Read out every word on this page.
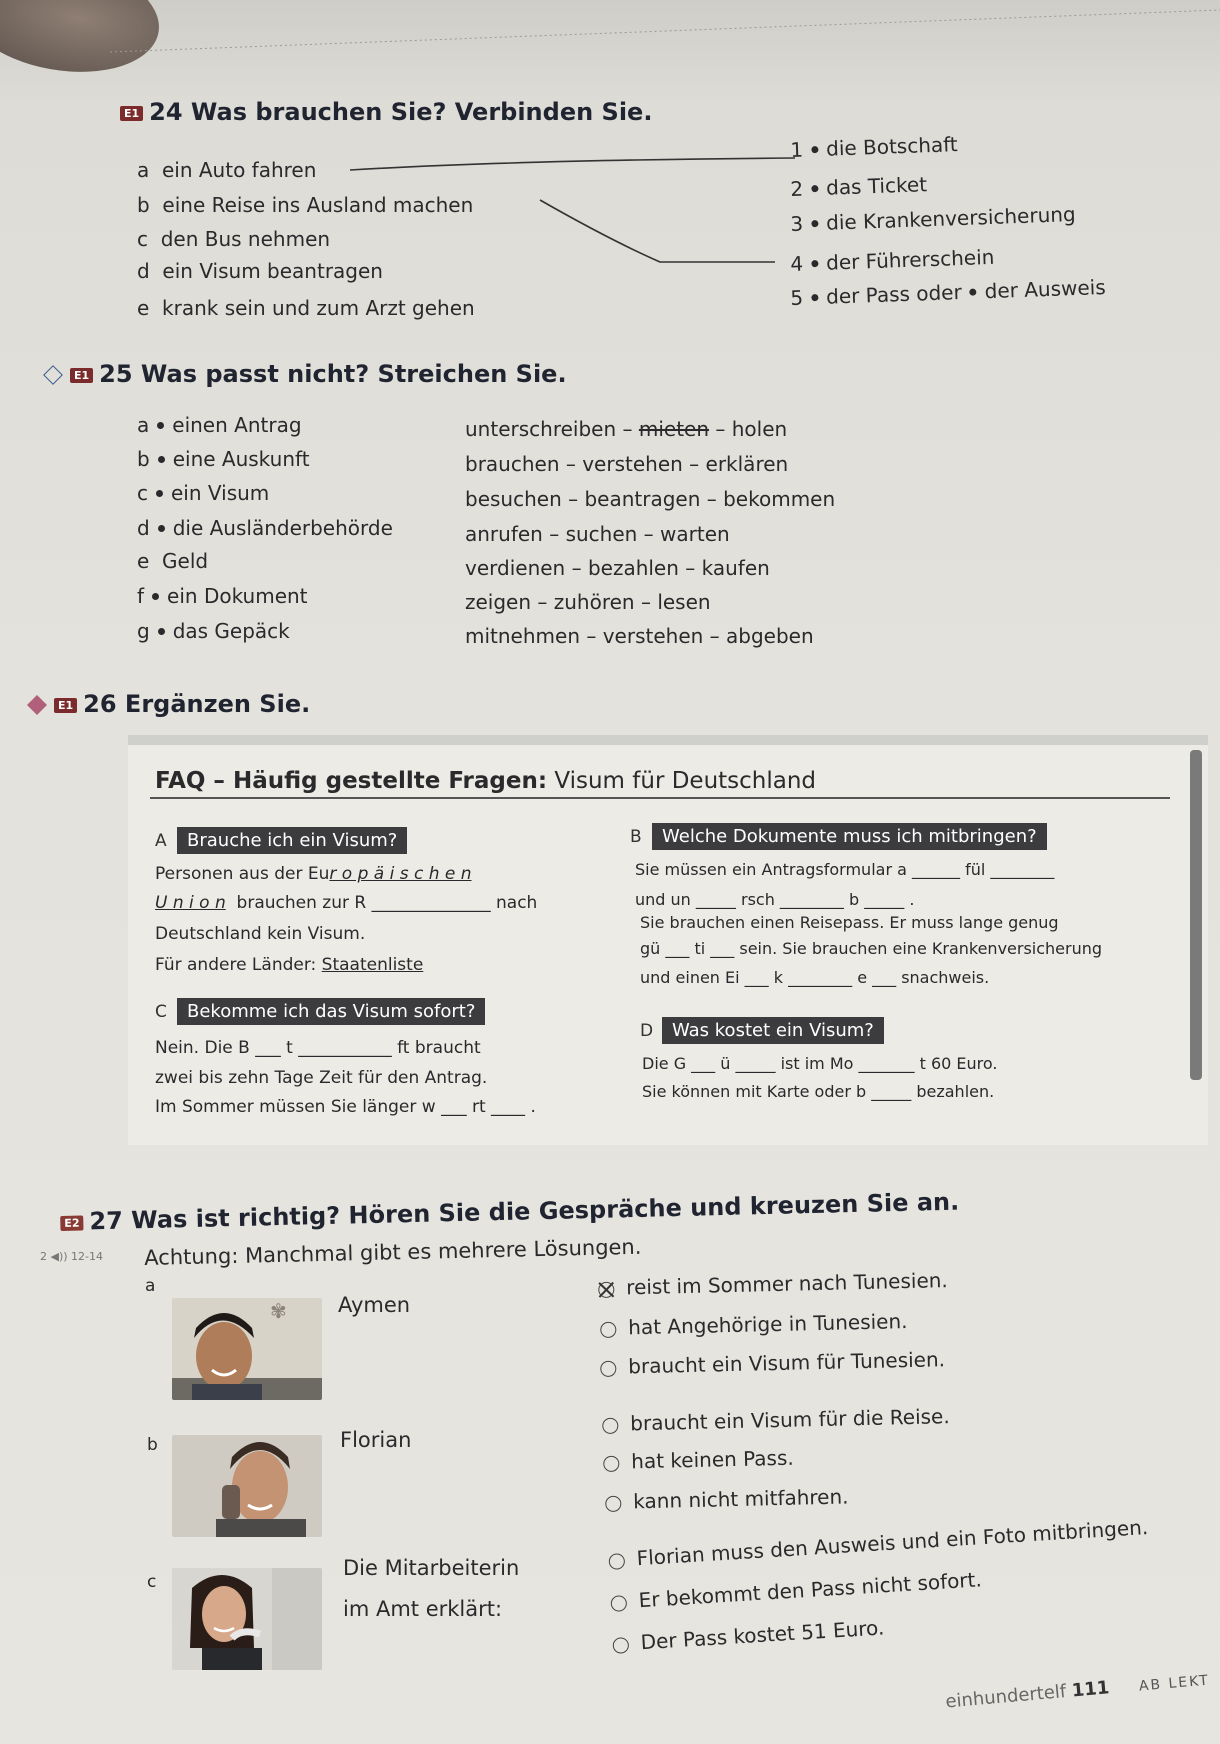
E1 24 Was brauchen Sie? Verbinden Sie.
a ein Auto fahren
b eine Reise ins Ausland machen
c den Bus nehmen
d ein Visum beantragen
e krank sein und zum Arzt gehen
1 die Botschaft
2 das Ticket
3 die Krankenversicherung
4 der Führerschein
5 der Pass oder der Ausweis
E1 25 Was passt nicht? Streichen Sie.
a einen Antrag	unterschreiben – mieten – holen
b eine Auskunft	brauchen – verstehen – erklären
c ein Visum	besuchen – beantragen – bekommen
d die Ausländerbehörde	anrufen – suchen – warten
e Geld	verdienen – bezahlen – kaufen
f ein Dokument	zeigen – zuhören – lesen
g das Gepäck	mitnehmen – verstehen – abgeben
E1 26 Ergänzen Sie.
FAQ – Häufig gestellte Fragen: Visum für Deutschland
A Brauche ich ein Visum?
Personen aus der Eur o p ä i s c h e n
U n i o n brauchen zur R ______________ nach
Deutschland kein Visum.
Für andere Länder: Staatenliste
B Welche Dokumente muss ich mitbringen?
Sie müssen ein Antragsformular a ______ fül ________
und un _____ rsch ________ b _____ .
Sie brauchen einen Reisepass. Er muss lange genug
gü ___ ti ___ sein. Sie brauchen eine Krankenversicherung
und einen Ei ___ k ________ e ___ snachweis.
C Bekomme ich das Visum sofort?
Nein. Die B ___ t ___________ ft braucht
zwei bis zehn Tage Zeit für den Antrag.
Im Sommer müssen Sie länger w ___ rt ____ .
D Was kostet ein Visum?
Die G ___ ü _____ ist im Mo _______ t 60 Euro.
Sie können mit Karte oder b _____ bezahlen.
E2 27 Was ist richtig? Hören Sie die Gespräche und kreuzen Sie an.
2 ◀)) 12-14 Achtung: Manchmal gibt es mehrere Lösungen.
a
✾ Aymen
reist im Sommer nach Tunesien.
hat Angehörige in Tunesien.
braucht ein Visum für Tunesien.
b	Florian
braucht ein Visum für die Reise.
hat keinen Pass.
kann nicht mitfahren.
c
Die Mitarbeiterin
im Amt erklärt:
Florian muss den Ausweis und ein Foto mitbringen.
Er bekommt den Pass nicht sofort.
Der Pass kostet 51 Euro.
einhundertelf 111 AB LEKT
